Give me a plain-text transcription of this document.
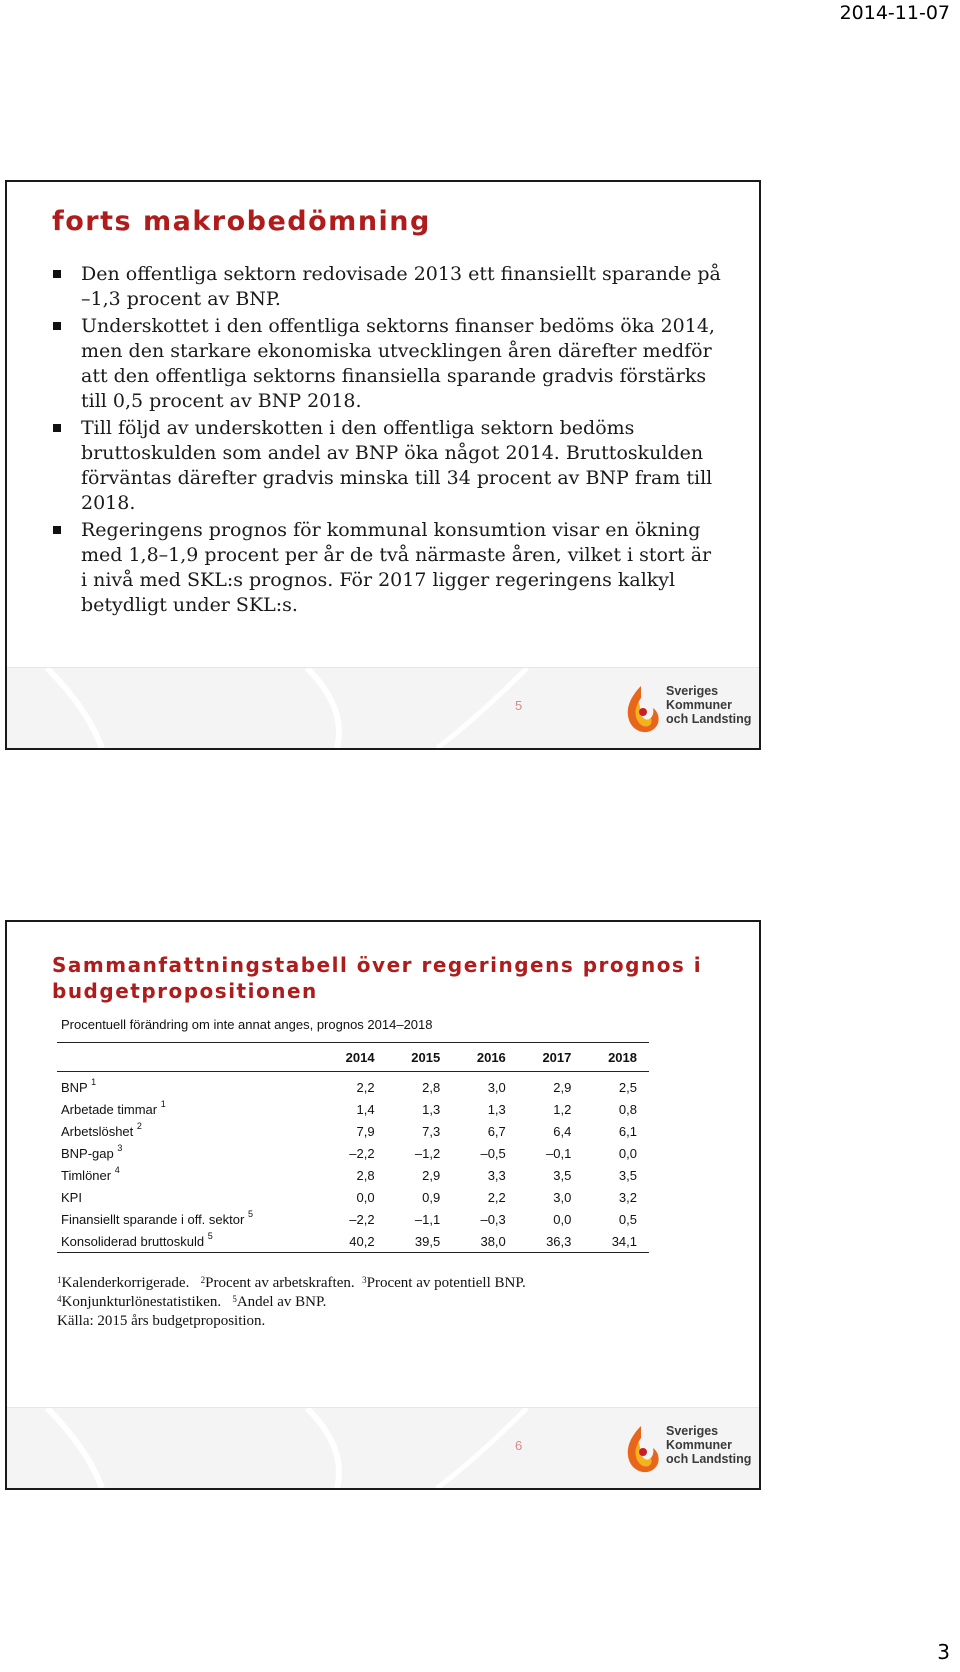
2014-11-07
forts makrobedömning
Den offentliga sektorn redovisade 2013 ett finansiellt sparande på –1,3 procent av BNP.
Underskottet i den offentliga sektorns finanser bedöms öka 2014, men den starkare ekonomiska utvecklingen åren därefter medför att den offentliga sektorns finansiella sparande gradvis förstärks till 0,5 procent av BNP 2018.
Till följd av underskotten i den offentliga sektorn bedöms bruttoskulden som andel av BNP öka något 2014. Bruttoskulden förväntas därefter gradvis minska till 34 procent av BNP fram till 2018.
Regeringens prognos för kommunal konsumtion visar en ökning med 1,8–1,9 procent per år de två närmaste åren, vilket i stort är i nivå med SKL:s prognos. För 2017 ligger regeringens kalkyl betydligt under SKL:s.
5
Sveriges
Kommuner
och Landsting
Sammanfattningstabell över regeringens prognos i budgetpropositionen
Procentuell förändring om inte annat anges, prognos 2014–2018
	2014	2015	2016	2017	2018
BNP $^1$	2,2	2,8	3,0	2,9	2,5
Arbetade timmar $^1$	1,4	1,3	1,3	1,2	0,8
Arbetslöshet $^2$	7,9	7,3	6,7	6,4	6,1
BNP-gap $^3$	–2,2	–1,2	–0,5	–0,1	0,0
Timlöner $^4$	2,8	2,9	3,3	3,5	3,5
KPI	0,0	0,9	2,2	3,0	3,2
Finansiellt sparande i off. sektor $^5$	–2,2	–1,1	–0,3	0,0	0,5
Konsoliderad bruttoskuld $^5$	40,2	39,5	38,0	36,3	34,1
$^1$Kalenderkorrigerade. $^2$Procent av arbetskraften. $^3$Procent av potentiell BNP.
$^4$Konjunkturlönestatistiken. $^5$Andel av BNP.
Källa: 2015 års budgetproposition.
6
Sveriges
Kommuner
och Landsting
3
